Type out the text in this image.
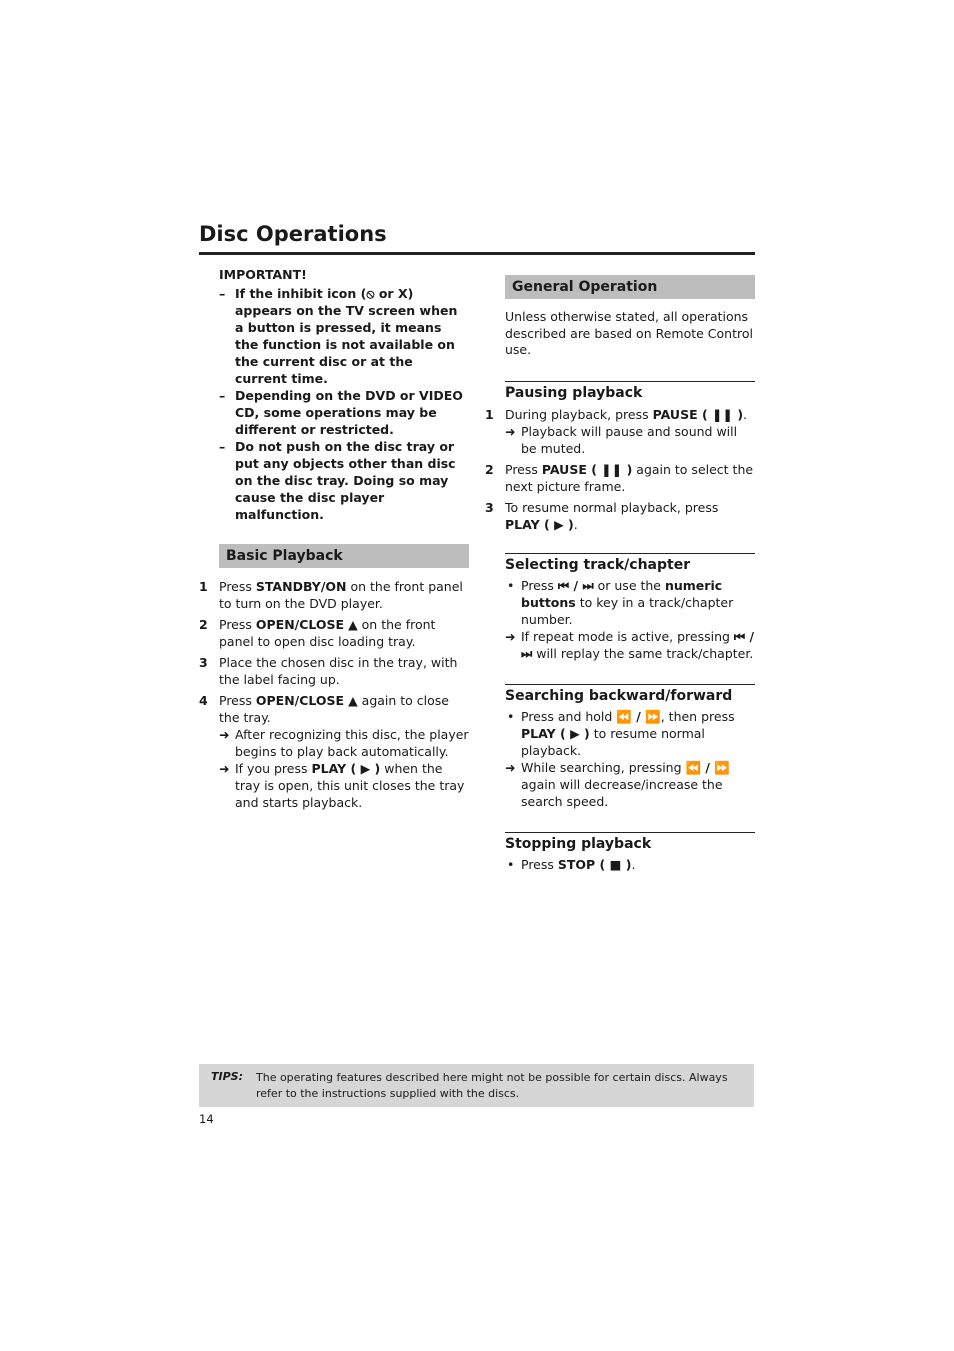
Disc Operations
IMPORTANT!
– If the inhibit icon (⦸ or X) appears on the TV screen when a button is pressed, it means the function is not available on the current disc or at the current time.
– Depending on the DVD or VIDEO CD, some operations may be different or restricted.
– Do not push on the disc tray or put any objects other than disc on the disc tray. Doing so may cause the disc player malfunction.
Basic Playback
1 Press STANDBY/ON on the front panel to turn on the DVD player.
2 Press OPEN/CLOSE ▲ on the front panel to open disc loading tray.
3 Place the chosen disc in the tray, with the label facing up.
4 Press OPEN/CLOSE ▲ again to close the tray.
➜ After recognizing this disc, the player begins to play back automatically.
➜ If you press PLAY ( ▶ ) when the tray is open, this unit closes the tray and starts playback.
General Operation
Unless otherwise stated, all operations described are based on Remote Control use.
Pausing playback
1 During playback, press PAUSE ( ❚❚ ).
➜ Playback will pause and sound will be muted.
2 Press PAUSE ( ❚❚ ) again to select the next picture frame.
3 To resume normal playback, press PLAY ( ▶ ).
Selecting track/chapter
• Press ⏮ / ⏭ or use the numeric buttons to key in a track/chapter number.
➜ If repeat mode is active, pressing ⏮ / ⏭ will replay the same track/chapter.
Searching backward/forward
• Press and hold ⏪ / ⏩, then press PLAY ( ▶ ) to resume normal playback.
➜ While searching, pressing ⏪ / ⏩ again will decrease/increase the search speed.
Stopping playback
• Press STOP ( ■ ).
TIPS: The operating features described here might not be possible for certain discs. Always refer to the instructions supplied with the discs.
14
